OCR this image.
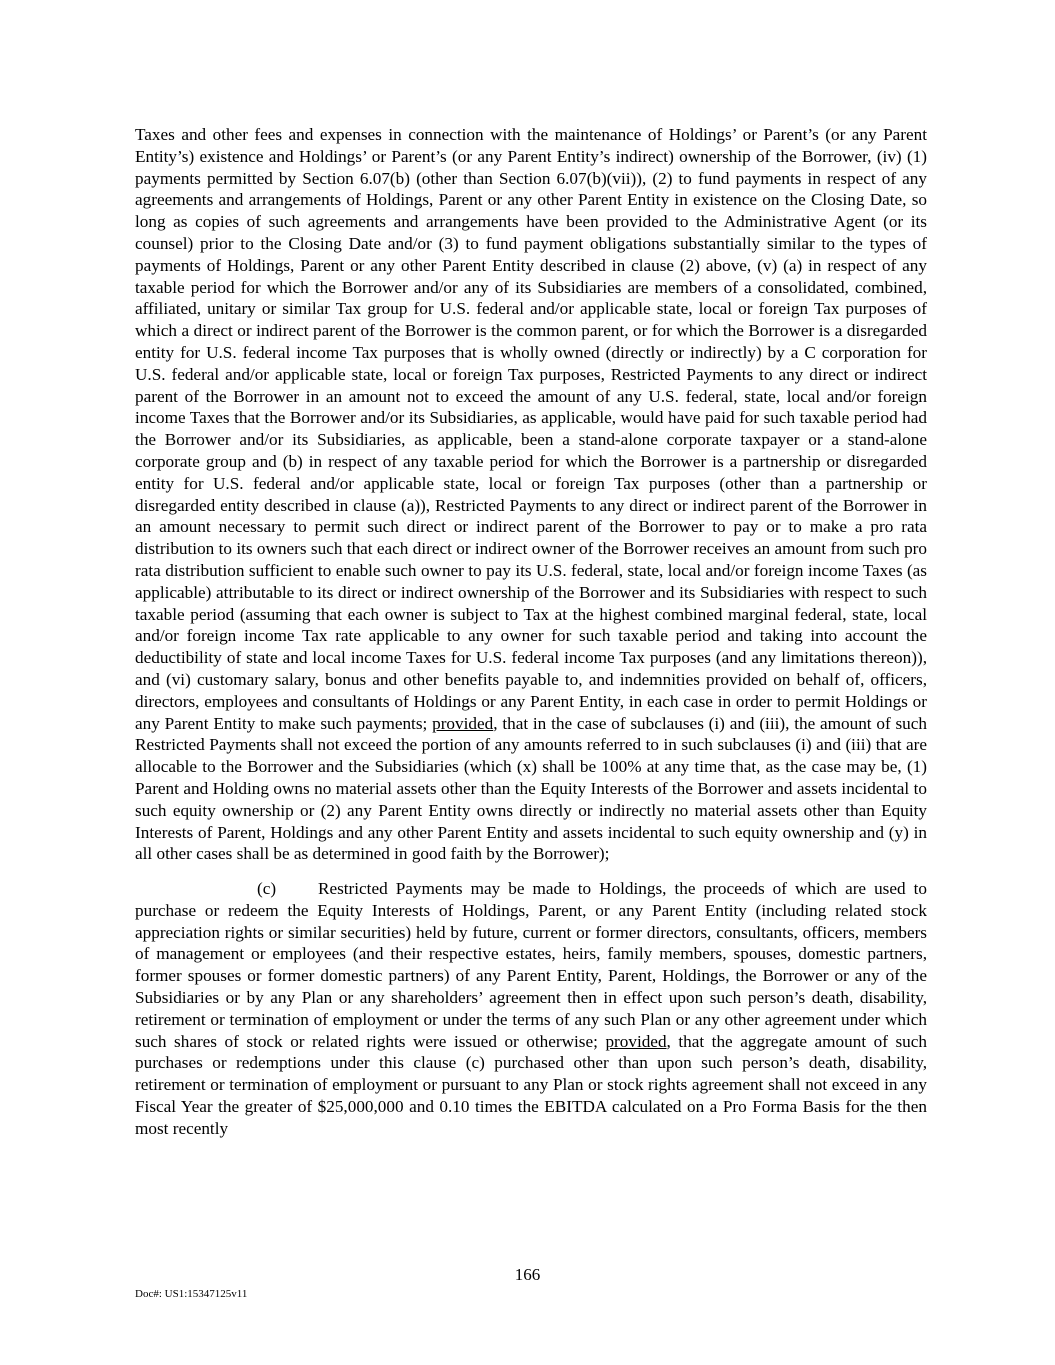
Taxes and other fees and expenses in connection with the maintenance of Holdings’ or Parent’s (or any Parent Entity’s) existence and Holdings’ or Parent’s (or any Parent Entity’s indirect) ownership of the Borrower, (iv) (1) payments permitted by Section 6.07(b) (other than Section 6.07(b)(vii)), (2) to fund payments in respect of any agreements and arrangements of Holdings, Parent or any other Parent Entity in existence on the Closing Date, so long as copies of such agreements and arrangements have been provided to the Administrative Agent (or its counsel) prior to the Closing Date and/or (3) to fund payment obligations substantially similar to the types of payments of Holdings, Parent or any other Parent Entity described in clause (2) above, (v) (a) in respect of any taxable period for which the Borrower and/or any of its Subsidiaries are members of a consolidated, combined, affiliated, unitary or similar Tax group for U.S. federal and/or applicable state, local or foreign Tax purposes of which a direct or indirect parent of the Borrower is the common parent, or for which the Borrower is a disregarded entity for U.S. federal income Tax purposes that is wholly owned (directly or indirectly) by a C corporation for U.S. federal and/or applicable state, local or foreign Tax purposes, Restricted Payments to any direct or indirect parent of the Borrower in an amount not to exceed the amount of any U.S. federal, state, local and/or foreign income Taxes that the Borrower and/or its Subsidiaries, as applicable, would have paid for such taxable period had the Borrower and/or its Subsidiaries, as applicable, been a stand-alone corporate taxpayer or a stand-alone corporate group and (b) in respect of any taxable period for which the Borrower is a partnership or disregarded entity for U.S. federal and/or applicable state, local or foreign Tax purposes (other than a partnership or disregarded entity described in clause (a)), Restricted Payments to any direct or indirect parent of the Borrower in an amount necessary to permit such direct or indirect parent of the Borrower to pay or to make a pro rata distribution to its owners such that each direct or indirect owner of the Borrower receives an amount from such pro rata distribution sufficient to enable such owner to pay its U.S. federal, state, local and/or foreign income Taxes (as applicable) attributable to its direct or indirect ownership of the Borrower and its Subsidiaries with respect to such taxable period (assuming that each owner is subject to Tax at the highest combined marginal federal, state, local and/or foreign income Tax rate applicable to any owner for such taxable period and taking into account the deductibility of state and local income Taxes for U.S. federal income Tax purposes (and any limitations thereon)), and (vi) customary salary, bonus and other benefits payable to, and indemnities provided on behalf of, officers, directors, employees and consultants of Holdings or any Parent Entity, in each case in order to permit Holdings or any Parent Entity to make such payments; provided, that in the case of subclauses (i) and (iii), the amount of such Restricted Payments shall not exceed the portion of any amounts referred to in such subclauses (i) and (iii) that are allocable to the Borrower and the Subsidiaries (which (x) shall be 100% at any time that, as the case may be, (1) Parent and Holding owns no material assets other than the Equity Interests of the Borrower and assets incidental to such equity ownership or (2) any Parent Entity owns directly or indirectly no material assets other than Equity Interests of Parent, Holdings and any other Parent Entity and assets incidental to such equity ownership and (y) in all other cases shall be as determined in good faith by the Borrower);

(c) Restricted Payments may be made to Holdings, the proceeds of which are used to purchase or redeem the Equity Interests of Holdings, Parent, or any Parent Entity (including related stock appreciation rights or similar securities) held by future, current or former directors, consultants, officers, members of management or employees (and their respective estates, heirs, family members, spouses, domestic partners, former spouses or former domestic partners) of any Parent Entity, Parent, Holdings, the Borrower or any of the Subsidiaries or by any Plan or any shareholders’ agreement then in effect upon such person’s death, disability, retirement or termination of employment or under the terms of any such Plan or any other agreement under which such shares of stock or related rights were issued or otherwise; provided, that the aggregate amount of such purchases or redemptions under this clause (c) purchased other than upon such person’s death, disability, retirement or termination of employment or pursuant to any Plan or stock rights agreement shall not exceed in any Fiscal Year the greater of $25,000,000 and 0.10 times the EBITDA calculated on a Pro Forma Basis for the then most recently

166
Doc#: US1:15347125v11
